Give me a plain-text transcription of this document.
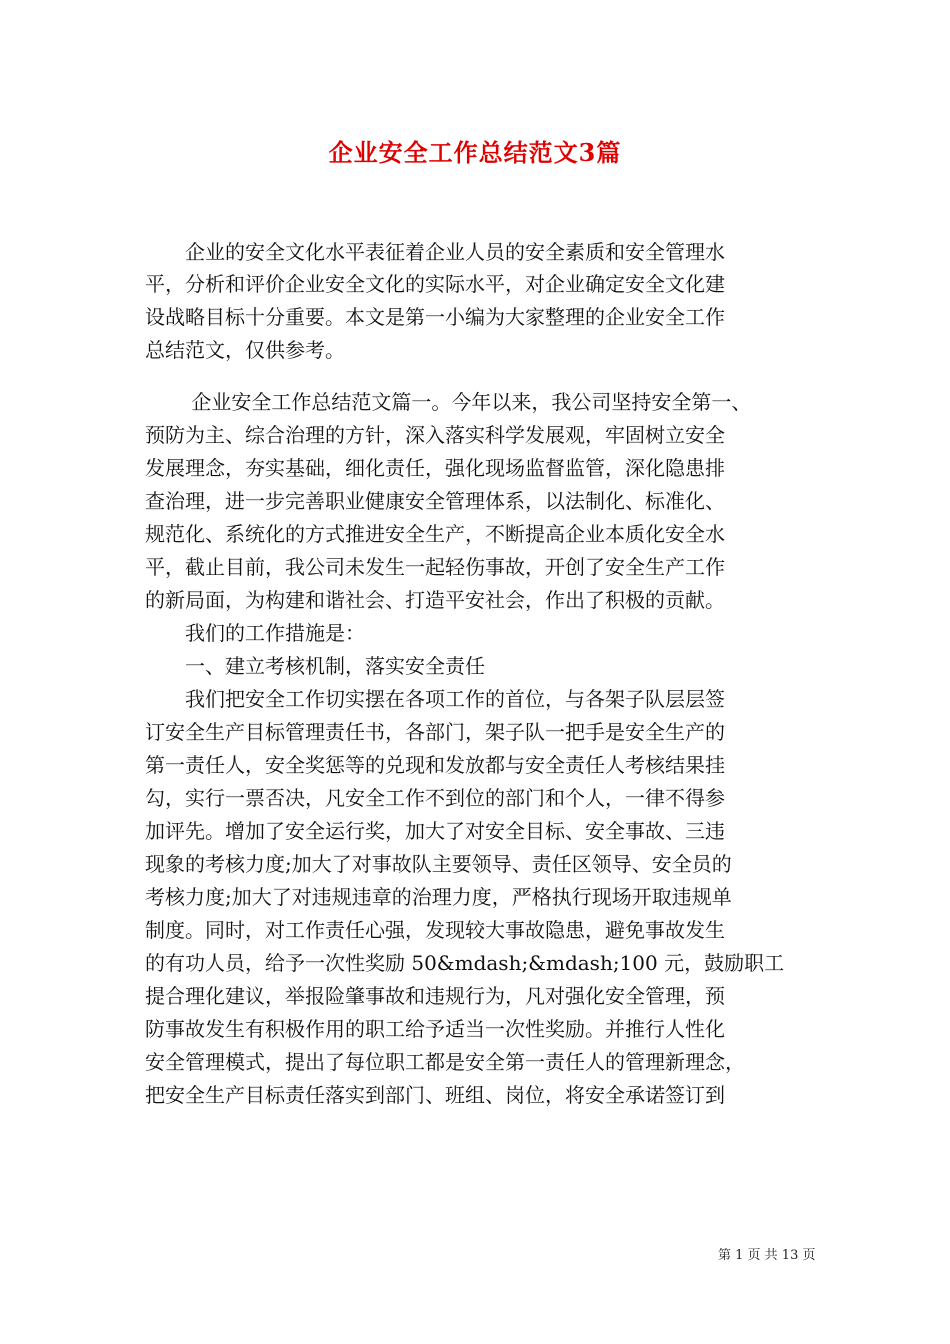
企业安全工作总结范文3篇
　　企业的安全文化水平表征着企业人员的安全素质和安全管理水
平，分析和评价企业安全文化的实际水平，对企业确定安全文化建
设战略目标十分重要。本文是第一小编为大家整理的企业安全工作
总结范文，仅供参考。
　　 企业安全工作总结范文篇一。今年以来，我公司坚持安全第一、
预防为主、综合治理的方针，深入落实科学发展观，牢固树立安全
发展理念，夯实基础，细化责任，强化现场监督监管，深化隐患排
查治理，进一步完善职业健康安全管理体系，以法制化、标准化、
规范化、系统化的方式推进安全生产，不断提高企业本质化安全水
平，截止目前，我公司未发生一起轻伤事故，开创了安全生产工作
的新局面，为构建和谐社会、打造平安社会，作出了积极的贡献。
　　我们的工作措施是：
　　一、建立考核机制，落实安全责任
　　我们把安全工作切实摆在各项工作的首位，与各架子队层层签
订安全生产目标管理责任书，各部门，架子队一把手是安全生产的
第一责任人，安全奖惩等的兑现和发放都与安全责任人考核结果挂
勾，实行一票否决，凡安全工作不到位的部门和个人，一律不得参
加评先。增加了安全运行奖，加大了对安全目标、安全事故、三违
现象的考核力度;加大了对事故队主要领导、责任区领导、安全员的
考核力度;加大了对违规违章的治理力度，严格执行现场开取违规单
制度。同时，对工作责任心强，发现较大事故隐患，避免事故发生
的有功人员，给予一次性奖励 50&mdash;&mdash;100 元，鼓励职工
提合理化建议，举报险肇事故和违规行为，凡对强化安全管理，预
防事故发生有积极作用的职工给予适当一次性奖励。并推行人性化
安全管理模式，提出了每位职工都是安全第一责任人的管理新理念，
把安全生产目标责任落实到部门、班组、岗位，将安全承诺签订到
第 1 页 共 13 页
